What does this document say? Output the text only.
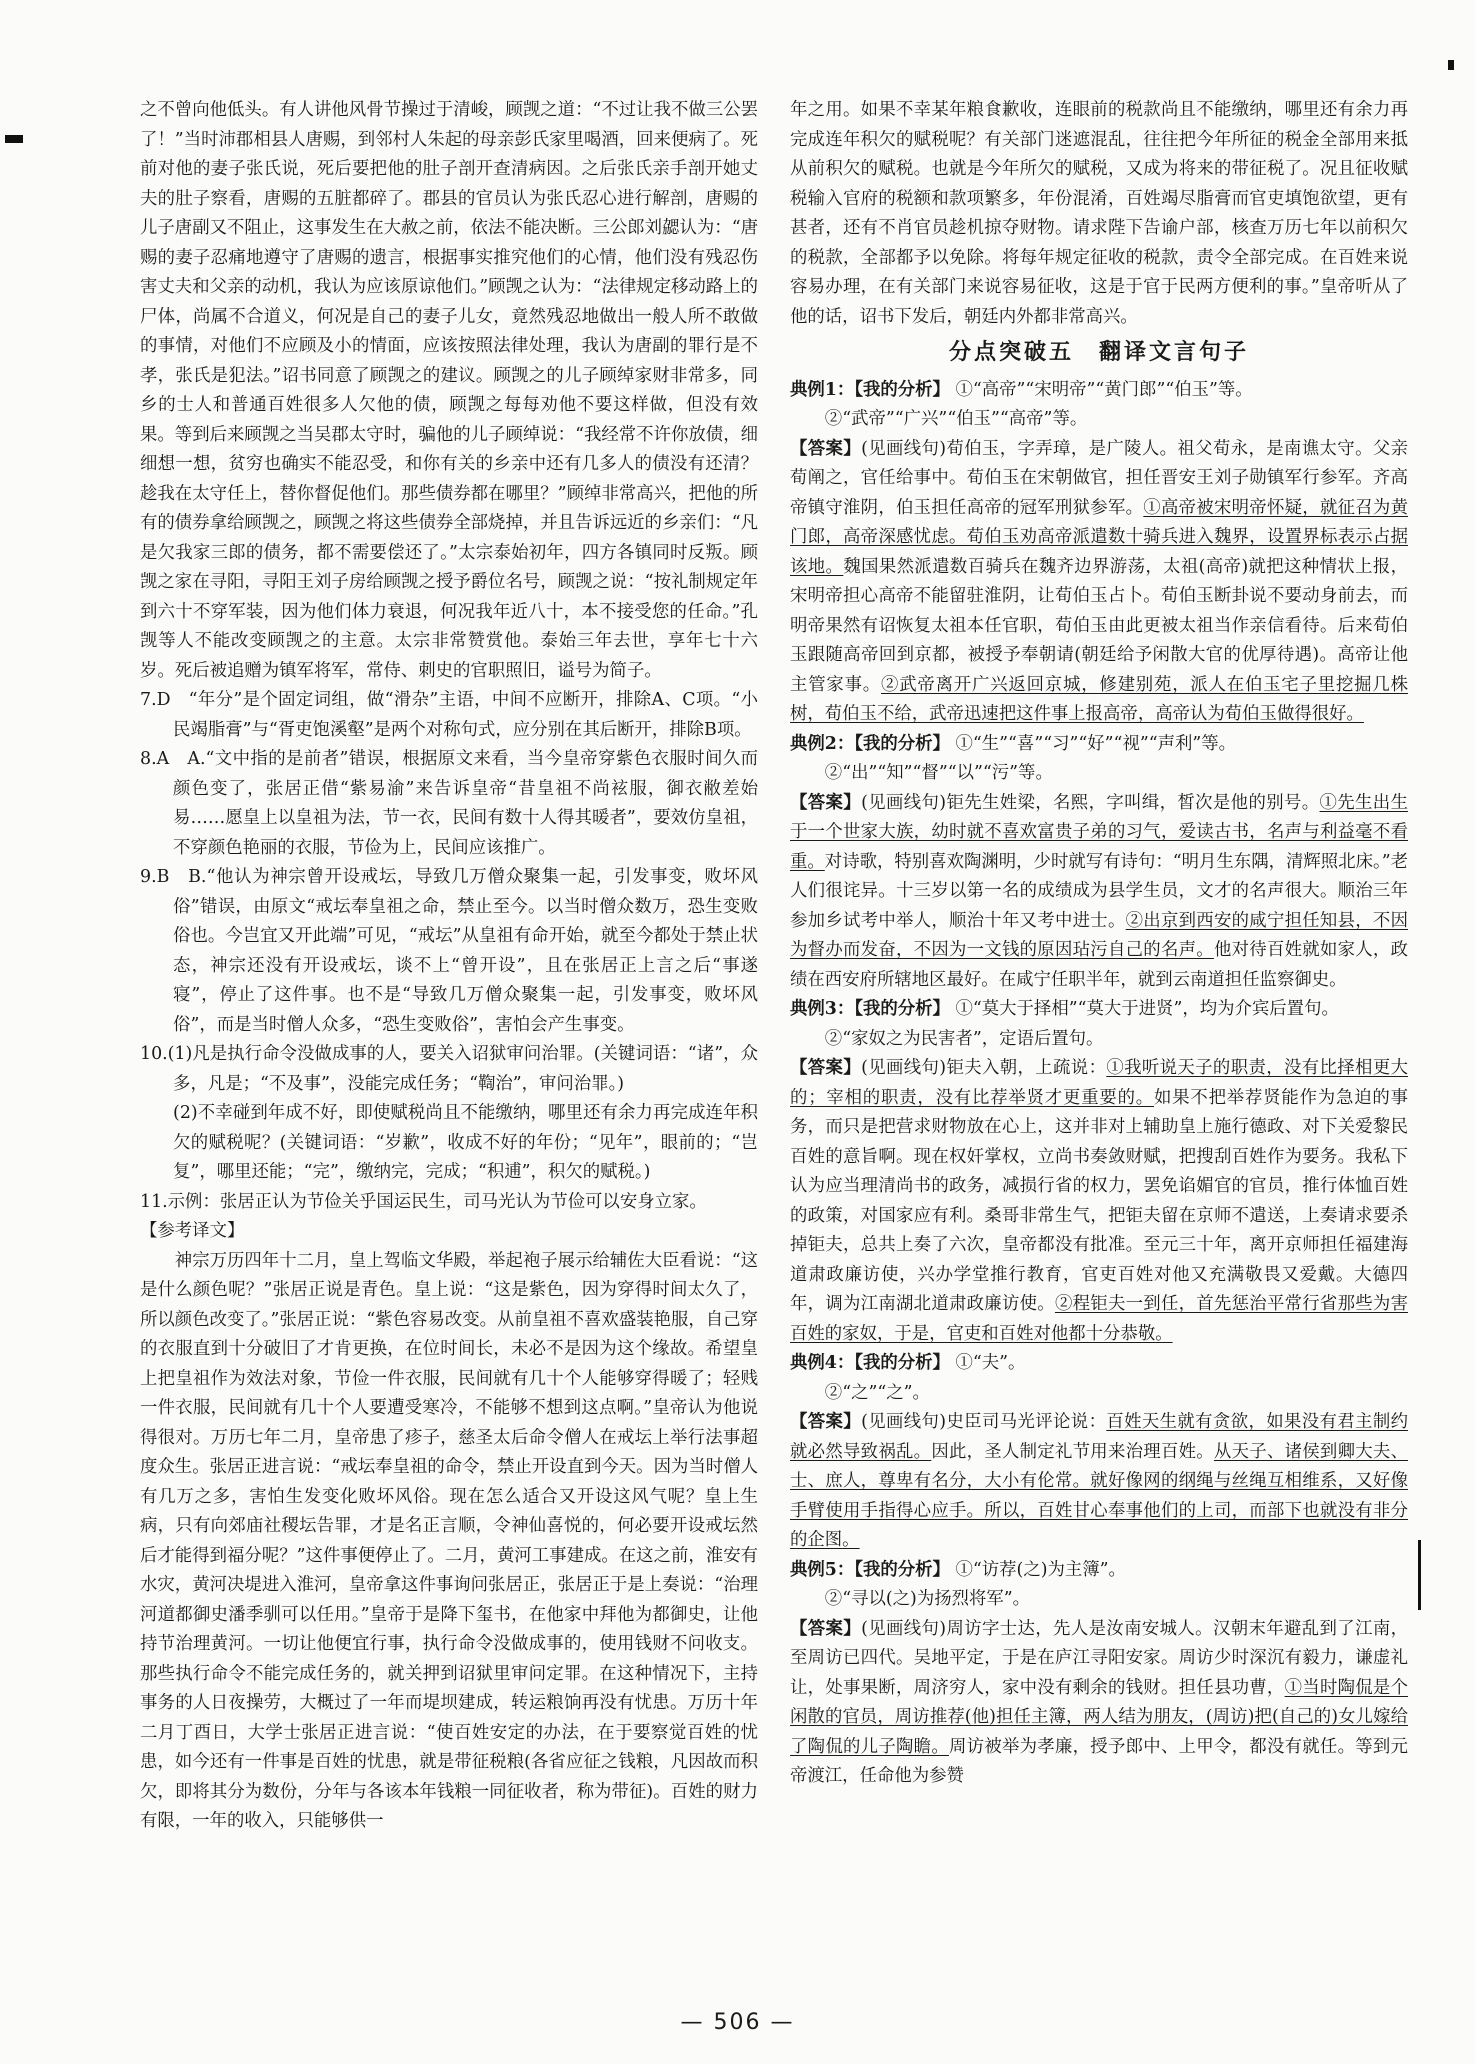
之不曾向他低头。有人讲他风骨节操过于清峻，顾觊之道：“不过让我不做三公罢了！”当时沛郡相县人唐赐，到邻村人朱起的母亲彭氏家里喝酒，回来便病了。死前对他的妻子张氏说，死后要把他的肚子剖开查清病因。之后张氏亲手剖开她丈夫的肚子察看，唐赐的五脏都碎了。郡县的官员认为张氏忍心进行解剖，唐赐的儿子唐副又不阻止，这事发生在大赦之前，依法不能决断。三公郎刘勰认为：“唐赐的妻子忍痛地遵守了唐赐的遗言，根据事实推究他们的心情，他们没有残忍伤害丈夫和父亲的动机，我认为应该原谅他们。”顾觊之认为：“法律规定移动路上的尸体，尚属不合道义，何况是自己的妻子儿女，竟然残忍地做出一般人所不敢做的事情，对他们不应顾及小的情面，应该按照法律处理，我认为唐副的罪行是不孝，张氏是犯法。”诏书同意了顾觊之的建议。顾觊之的儿子顾绰家财非常多，同乡的士人和普通百姓很多人欠他的债，顾觊之每每劝他不要这样做，但没有效果。等到后来顾觊之当吴郡太守时，骗他的儿子顾绰说：“我经常不许你放债，细细想一想，贫穷也确实不能忍受，和你有关的乡亲中还有几多人的债没有还清？趁我在太守任上，替你督促他们。那些债券都在哪里？”顾绰非常高兴，把他的所有的债券拿给顾觊之，顾觊之将这些债券全部烧掉，并且告诉远近的乡亲们：“凡是欠我家三郎的债务，都不需要偿还了。”太宗泰始初年，四方各镇同时反叛。顾觊之家在寻阳，寻阳王刘子房给顾觊之授予爵位名号，顾觊之说：“按礼制规定年到六十不穿军装，因为他们体力衰退，何况我年近八十，本不接受您的任命。”孔觊等人不能改变顾觊之的主意。太宗非常赞赏他。泰始三年去世，享年七十六岁。死后被追赠为镇军将军，常侍、刺史的官职照旧，谥号为简子。

7.D　“年分”是个固定词组，做“滑杂”主语，中间不应断开，排除A、C项。“小民竭脂膏”与“胥吏饱溪壑”是两个对称句式，应分别在其后断开，排除B项。

8.A　A.“文中指的是前者”错误，根据原文来看，当今皇帝穿紫色衣服时间久而颜色变了，张居正借“紫易渝”来告诉皇帝“昔皇祖不尚袨服，御衣敝差始易……愿皇上以皇祖为法，节一衣，民间有数十人得其暖者”，要效仿皇祖，不穿颜色艳丽的衣服，节俭为上，民间应该推广。

9.B　B.“他认为神宗曾开设戒坛，导致几万僧众聚集一起，引发事变，败坏风俗”错误，由原文“戒坛奉皇祖之命，禁止至今。以当时僧众数万，恐生变败俗也。今岂宜又开此端”可见，“戒坛”从皇祖有命开始，就至今都处于禁止状态，神宗还没有开设戒坛，谈不上“曾开设”，且在张居正上言之后“事遂寝”，停止了这件事。也不是“导致几万僧众聚集一起，引发事变，败坏风俗”，而是当时僧人众多，“恐生变败俗”，害怕会产生事变。

10.(1)凡是执行命令没做成事的人，要关入诏狱审问治罪。(关键词语：“诸”，众多，凡是；“不及事”，没能完成任务；“鞫治”，审问治罪。)

(2)不幸碰到年成不好，即使赋税尚且不能缴纳，哪里还有余力再完成连年积欠的赋税呢？(关键词语：“岁歉”，收成不好的年份；“见年”，眼前的；“岂复”，哪里还能；“完”，缴纳完，完成；“积逋”，积欠的赋税。)

11.示例：张居正认为节俭关乎国运民生，司马光认为节俭可以安身立家。

【参考译文】

神宗万历四年十二月，皇上驾临文华殿，举起袍子展示给辅佐大臣看说：“这是什么颜色呢？”张居正说是青色。皇上说：“这是紫色，因为穿得时间太久了，所以颜色改变了。”张居正说：“紫色容易改变。从前皇祖不喜欢盛装艳服，自己穿的衣服直到十分破旧了才肯更换，在位时间长，未必不是因为这个缘故。希望皇上把皇祖作为效法对象，节俭一件衣服，民间就有几十个人能够穿得暖了；轻贱一件衣服，民间就有几十个人要遭受寒冷，不能够不想到这点啊。”皇帝认为他说得很对。万历七年二月，皇帝患了疹子，慈圣太后命令僧人在戒坛上举行法事超度众生。张居正进言说：“戒坛奉皇祖的命令，禁止开设直到今天。因为当时僧人有几万之多，害怕生发变化败坏风俗。现在怎么适合又开设这风气呢？皇上生病，只有向郊庙社稷坛告罪，才是名正言顺，令神仙喜悦的，何必要开设戒坛然后才能得到福分呢？”这件事便停止了。二月，黄河工事建成。在这之前，淮安有水灾，黄河决堤进入淮河，皇帝拿这件事询问张居正，张居正于是上奏说：“治理河道都御史潘季驯可以任用。”皇帝于是降下玺书，在他家中拜他为都御史，让他持节治理黄河。一切让他便宜行事，执行命令没做成事的，使用钱财不问收支。那些执行命令不能完成任务的，就关押到诏狱里审问定罪。在这种情况下，主持事务的人日夜操劳，大概过了一年而堤坝建成，转运粮饷再没有忧患。万历十年二月丁酉日，大学士张居正进言说：“使百姓安定的办法，在于要察觉百姓的忧患，如今还有一件事是百姓的忧患，就是带征税粮(各省应征之钱粮，凡因故而积欠，即将其分为数份，分年与各该本年钱粮一同征收者，称为带征)。百姓的财力有限，一年的收入，只能够供一

年之用。如果不幸某年粮食歉收，连眼前的税款尚且不能缴纳，哪里还有余力再完成连年积欠的赋税呢？有关部门迷遮混乱，往往把今年所征的税金全部用来抵从前积欠的赋税。也就是今年所欠的赋税，又成为将来的带征税了。况且征收赋税输入官府的税额和款项繁多，年份混淆，百姓竭尽脂膏而官吏填饱欲望，更有甚者，还有不肖官员趁机掠夺财物。请求陛下告谕户部，核查万历七年以前积欠的税款，全部都予以免除。将每年规定征收的税款，责令全部完成。在百姓来说容易办理，在有关部门来说容易征收，这是于官于民两方便利的事。”皇帝听从了他的话，诏书下发后，朝廷内外都非常高兴。

分点突破五　翻译文言句子

典例1：【我的分析】 ①“高帝”“宋明帝”“黄门郎”“伯玉”等。

②“武帝”“广兴”“伯玉”“高帝”等。

【答案】(见画线句)荀伯玉，字弄璋，是广陵人。祖父荀永，是南谯太守。父亲荀阐之，官任给事中。荀伯玉在宋朝做官，担任晋安王刘子勋镇军行参军。齐高帝镇守淮阴，伯玉担任高帝的冠军刑狱参军。①高帝被宋明帝怀疑，就征召为黄门郎，高帝深感忧虑。荀伯玉劝高帝派遣数十骑兵进入魏界，设置界标表示占据该地。魏国果然派遣数百骑兵在魏齐边界游荡，太祖(高帝)就把这种情状上报，宋明帝担心高帝不能留驻淮阴，让荀伯玉占卜。荀伯玉断卦说不要动身前去，而明帝果然有诏恢复太祖本任官职，荀伯玉由此更被太祖当作亲信看待。后来荀伯玉跟随高帝回到京都，被授予奉朝请(朝廷给予闲散大官的优厚待遇)。高帝让他主管家事。②武帝离开广兴返回京城，修建别苑，派人在伯玉宅子里挖掘几株树，荀伯玉不给，武帝迅速把这件事上报高帝，高帝认为荀伯玉做得很好。

典例2：【我的分析】 ①“生”“喜”“习”“好”“视”“声利”等。

②“出”“知”“督”“以”“污”等。

【答案】(见画线句)钜先生姓梁，名熙，字叫缉，皙次是他的别号。①先生出生于一个世家大族，幼时就不喜欢富贵子弟的习气，爱读古书，名声与利益毫不看重。对诗歌，特别喜欢陶渊明，少时就写有诗句：“明月生东隅，清辉照北床。”老人们很诧异。十三岁以第一名的成绩成为县学生员，文才的名声很大。顺治三年参加乡试考中举人，顺治十年又考中进士。②出京到西安的咸宁担任知县，不因为督办而发奋，不因为一文钱的原因玷污自己的名声。他对待百姓就如家人，政绩在西安府所辖地区最好。在咸宁任职半年，就到云南道担任监察御史。

典例3：【我的分析】 ①“莫大于择相”“莫大于进贤”，均为介宾后置句。

②“家奴之为民害者”，定语后置句。

【答案】(见画线句)钜夫入朝，上疏说：①我听说天子的职责，没有比择相更大的；宰相的职责，没有比荐举贤才更重要的。如果不把举荐贤能作为急迫的事务，而只是把营求财物放在心上，这并非对上辅助皇上施行德政、对下关爱黎民百姓的意旨啊。现在权奸掌权，立尚书奏敛财赋，把搜刮百姓作为要务。我私下认为应当理清尚书的政务，减损行省的权力，罢免谄媚官的官员，推行体恤百姓的政策，对国家应有利。桑哥非常生气，把钜夫留在京师不遣送，上奏请求要杀掉钜夫，总共上奏了六次，皇帝都没有批准。至元三十年，离开京师担任福建海道肃政廉访使，兴办学堂推行教育，官吏百姓对他又充满敬畏又爱戴。大德四年，调为江南湖北道肃政廉访使。②程钜夫一到任，首先惩治平常行省那些为害百姓的家奴，于是，官吏和百姓对他都十分恭敬。

典例4：【我的分析】 ①“夫”。

②“之”“之”。

【答案】(见画线句)史臣司马光评论说：百姓天生就有贪欲，如果没有君主制约就必然导致祸乱。因此，圣人制定礼节用来治理百姓。从天子、诸侯到卿大夫、士、庶人，尊卑有名分，大小有伦常。就好像网的纲绳与丝绳互相维系，又好像手臂使用手指得心应手。所以，百姓甘心奉事他们的上司，而部下也就没有非分的企图。

典例5：【我的分析】 ①“访荐(之)为主簿”。

②“寻以(之)为扬烈将军”。

【答案】(见画线句)周访字士达，先人是汝南安城人。汉朝末年避乱到了江南，至周访已四代。吴地平定，于是在庐江寻阳安家。周访少时深沉有毅力，谦虚礼让，处事果断，周济穷人，家中没有剩余的钱财。担任县功曹，①当时陶侃是个闲散的官员，周访推荐(他)担任主簿，两人结为朋友，(周访)把(自己的)女儿嫁给了陶侃的儿子陶瞻。周访被举为孝廉，授予郎中、上甲令，都没有就任。等到元帝渡江，任命他为参赞

— 506 —
